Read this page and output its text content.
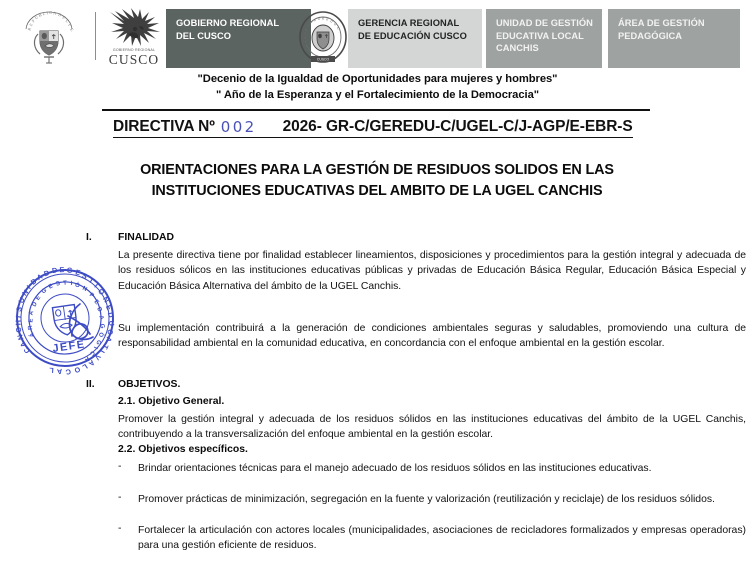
R
E
P
Ú
B L I C A D E
L
P
E
GOBIERNO REGIONAL
CUSCO
GOBIERNO REGIONAL
DEL CUSCO
G
E
R
E
N
C
I A D E E D
U
C
.
CUSCO
GERENCIA REGIONAL
DE EDUCACIÓN CUSCO
UNIDAD DE GESTIÓN
EDUCATIVA LOCAL
CANCHIS
ÁREA DE GESTIÓN
PEDAGÓGICA
"Decenio de la Igualdad de Oportunidades para mujeres y hombres"
" Año de la Esperanza y el Fortalecimiento de la Democracia"
DIRECTIVA Nº 002 2026- GR-C/GEREDU-C/UGEL-C/J-AGP/E-EBR-S
ORIENTACIONES PARA LA GESTIÓN DE RESIDUOS SOLIDOS EN LAS
INSTITUCIONES EDUCATIVAS DEL AMBITO DE LA UGEL CANCHIS
I.	FINALIDAD
La presente directiva tiene por finalidad establecer lineamientos, disposiciones y procedimientos para la gestión integral y adecuada de los residuos sólicos en las instituciones educativas públicas y privadas de Educación Básica Regular, Educación Básica Especial y Educación Básica Alternativa del ámbito de la UGEL Canchis.
Su implementación contribuirá a la generación de condiciones ambientales seguras y saludables, promoviendo una cultura de responsabilidad ambiental en la comunidad educativa, en concordancia con el enfoque ambiental en la gestión escolar.
II. OBJETIVOS.
2.1. Objetivo General.
Promover la gestión integral y adecuada de los residuos sólidos en las instituciones educativas del ámbito de la UGEL Canchis, contribuyendo a la transversalización del enfoque ambiental en la gestión escolar.
2.2. Objetivos específicos.
- Brindar orientaciones técnicas para el manejo adecuado de los residuos sólidos en las instituciones educativas.
- Promover prácticas de minimización, segregación en la fuente y valorización (reutilización y reciclaje) de los residuos sólidos.
- Fortalecer la articulación con actores locales (municipalidades, asociaciones de recicladores formalizados y empresas operadoras) para una gestión eficiente de residuos.
C
A
N
C
H
I
S
U
N
I
D
A
D D E G E S
T
I
Ó
N
E
D
U
C
A
T
I
V
A
L
O
C
A
L
Á
R
E
A
D
E
G
E S T I Ó N
P
E
D
A
G
Ó
G
I
C
A
JEFE
